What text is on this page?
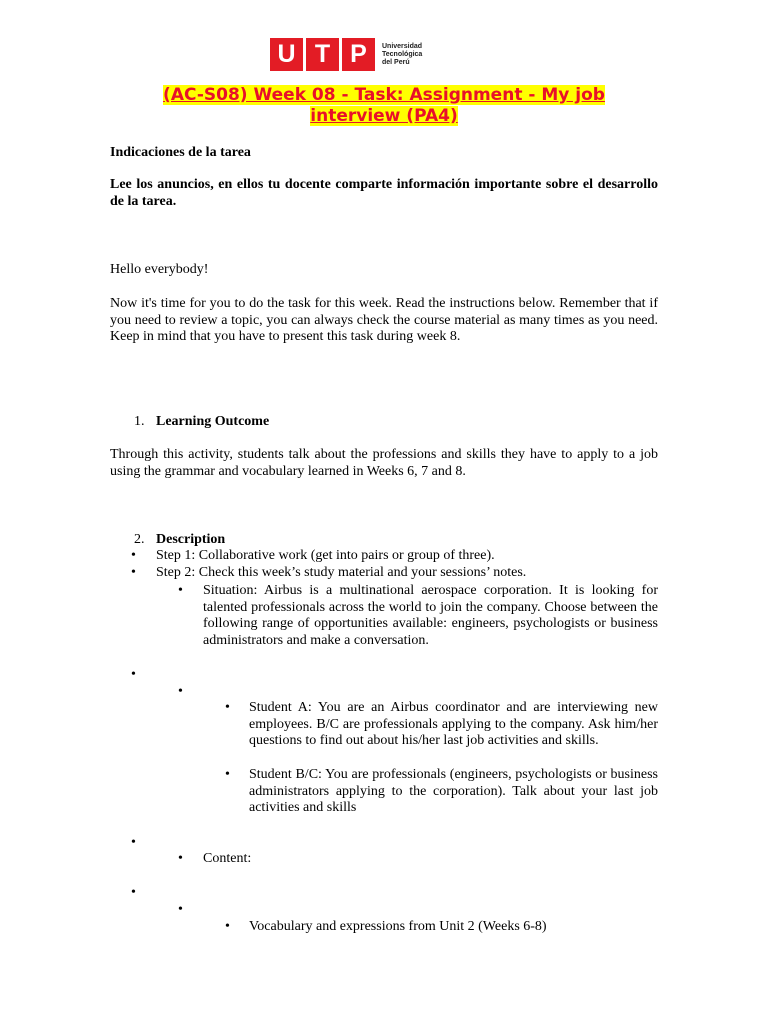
U T P	Universidad
Tecnológica
del Perú
(AC-S08) Week 08 - Task: Assignment - My job
interview (PA4)
Indicaciones de la tarea
Lee los anuncios, en ellos tu docente comparte información importante sobre el desarrollo de la tarea.
Hello everybody!
Now it's time for you to do the task for this week. Read the instructions below. Remember that if you need to review a topic, you can always check the course material as many times as you need. Keep in mind that you have to present this task during week 8.
1. Learning Outcome
Through this activity, students talk about the professions and skills they have to apply to a job using the grammar and vocabulary learned in Weeks 6, 7 and 8.
2. Description
• Step 1: Collaborative work (get into pairs or group of three).
• Step 2: Check this week’s study material and your sessions’ notes.
• Situation: Airbus is a multinational aerospace corporation. It is looking for talented professionals across the world to join the company. Choose between the following range of opportunities available: engineers, psychologists or business administrators and make a conversation.
•
•
• Student A: You are an Airbus coordinator and are interviewing new employees. B/C are professionals applying to the company. Ask him/her questions to find out about his/her last job activities and skills.
• Student B/C: You are professionals (engineers, psychologists or business administrators applying to the corporation). Talk about your last job activities and skills
•
• Content:
•
•
• Vocabulary and expressions from Unit 2 (Weeks 6-8)
